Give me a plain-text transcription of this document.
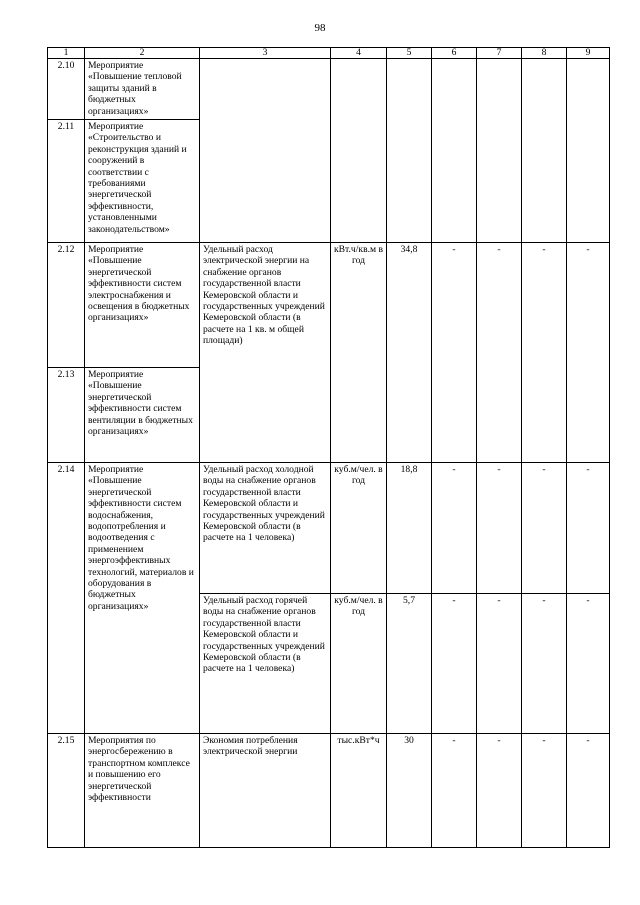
98
1	2	3	4	5	6	7	8	9
2.10	Мероприятие «Повышение тепловой защиты зданий в бюджетных организациях»							
2.11	Мероприятие «Строительство и реконструкция зданий и сооружений в соответствии с требованиями энергетической эффективности, установленными законодательством»							
2.12	Мероприятие «Повышение энергетической эффективности систем электроснабжения и освещения в бюджетных организациях»	Удельный расход электрической энергии на снабжение органов государственной власти Кемеровской области и государственных учреждений Кемеровской области (в расчете на 1 кв. м общей площади)	кВт.ч/кв.м в год	34,8	-	-	-	-
2.13	Мероприятие «Повышение энергетической эффективности систем вентиляции в бюджетных организациях»							
2.14	Мероприятие «Повышение энергетической эффективности систем водоснабжения, водопотребления и водоотведения с применением энергоэффективных технологий, материалов и оборудования в бюджетных организациях»	Удельный расход холодной воды на снабжение органов государственной власти Кемеровской области и государственных учреждений Кемеровской области (в расчете на 1 человека)	куб.м/чел. в год	18,8	-	-	-	-
		Удельный расход горячей воды на снабжение органов государственной власти Кемеровской области и государственных учреждений Кемеровской области (в расчете на 1 человека)	куб.м/чел. в год	5,7	-	-	-	-
2.15	Мероприятия по энергосбережению в транспортном комплексе и повышению его энергетической эффективности	Экономия потребления электрической энергии	тыс.кВт*ч	30	-	-	-	-
